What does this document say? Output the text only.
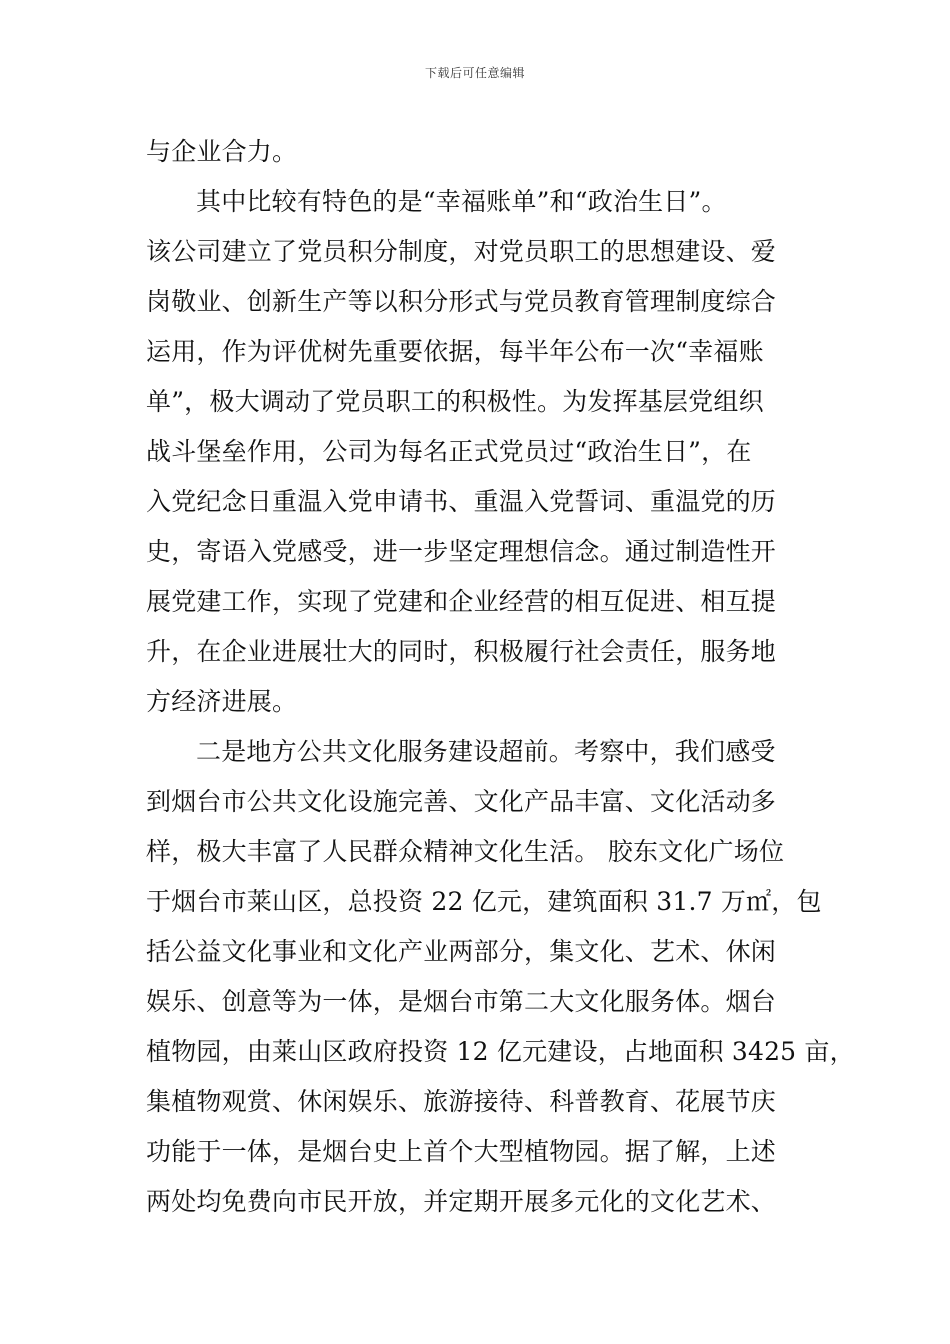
下载后可任意编辑
与企业合力。
其中比较有特色的是“幸福账单”和“政治生日”。
该公司建立了党员积分制度，对党员职工的思想建设、爱
岗敬业、创新生产等以积分形式与党员教育管理制度综合
运用，作为评优树先重要依据，每半年公布一次“幸福账
单”，极大调动了党员职工的积极性。为发挥基层党组织
战斗堡垒作用，公司为每名正式党员过“政治生日”，在
入党纪念日重温入党申请书、重温入党誓词、重温党的历
史，寄语入党感受，进一步坚定理想信念。通过制造性开
展党建工作，实现了党建和企业经营的相互促进、相互提
升，在企业进展壮大的同时，积极履行社会责任，服务地
方经济进展。
二是地方公共文化服务建设超前。考察中，我们感受
到烟台市公共文化设施完善、文化产品丰富、文化活动多
样，极大丰富了人民群众精神文化生活。 胶东文化广场位
于烟台市莱山区，总投资 22 亿元，建筑面积 31.7 万㎡，包
括公益文化事业和文化产业两部分，集文化、艺术、休闲
娱乐、创意等为一体，是烟台市第二大文化服务体。烟台
植物园，由莱山区政府投资 12 亿元建设，占地面积 3425 亩，
集植物观赏、休闲娱乐、旅游接待、科普教育、花展节庆
功能于一体，是烟台史上首个大型植物园。据了解，上述
两处均免费向市民开放，并定期开展多元化的文化艺术、
